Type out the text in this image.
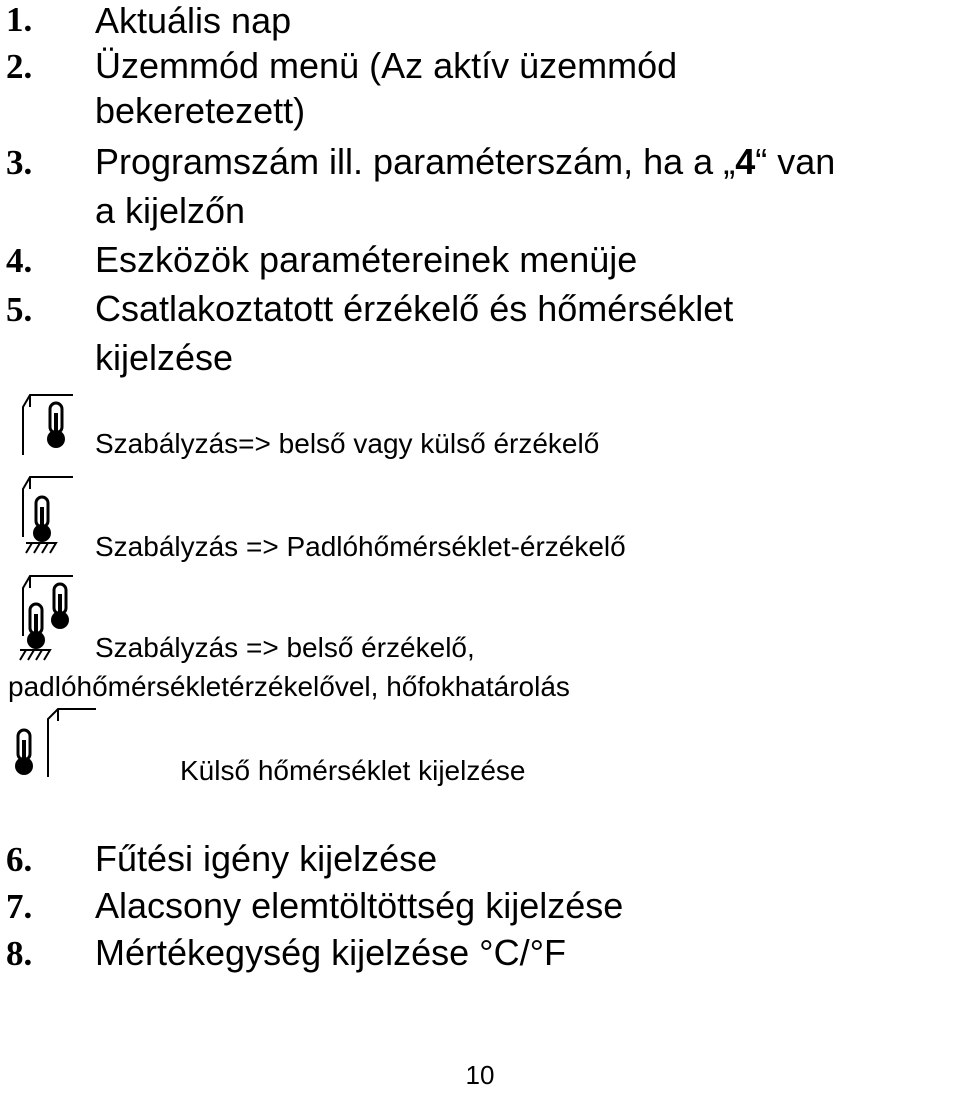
1. Aktuális nap
2. Üzemmód menü (Az aktív üzemmód
bekeretezett)
3. Programszám ill. paraméterszám, ha a „4“ van
a kijelzőn
4. Eszközök paramétereinek menüje
5. Csatlakoztatott érzékelő és hőmérséklet
kijelzése
Szabályzás=> belső vagy külső érzékelő
Szabályzás => Padlóhőmérséklet-érzékelő
Szabályzás => belső érzékelő,
padlóhőmérsékletérzékelővel, hőfokhatárolás
Külső hőmérséklet kijelzése
6. Fűtési igény kijelzése
7. Alacsony elemtöltöttség kijelzése
8. Mértékegység kijelzése °C/°F
10
